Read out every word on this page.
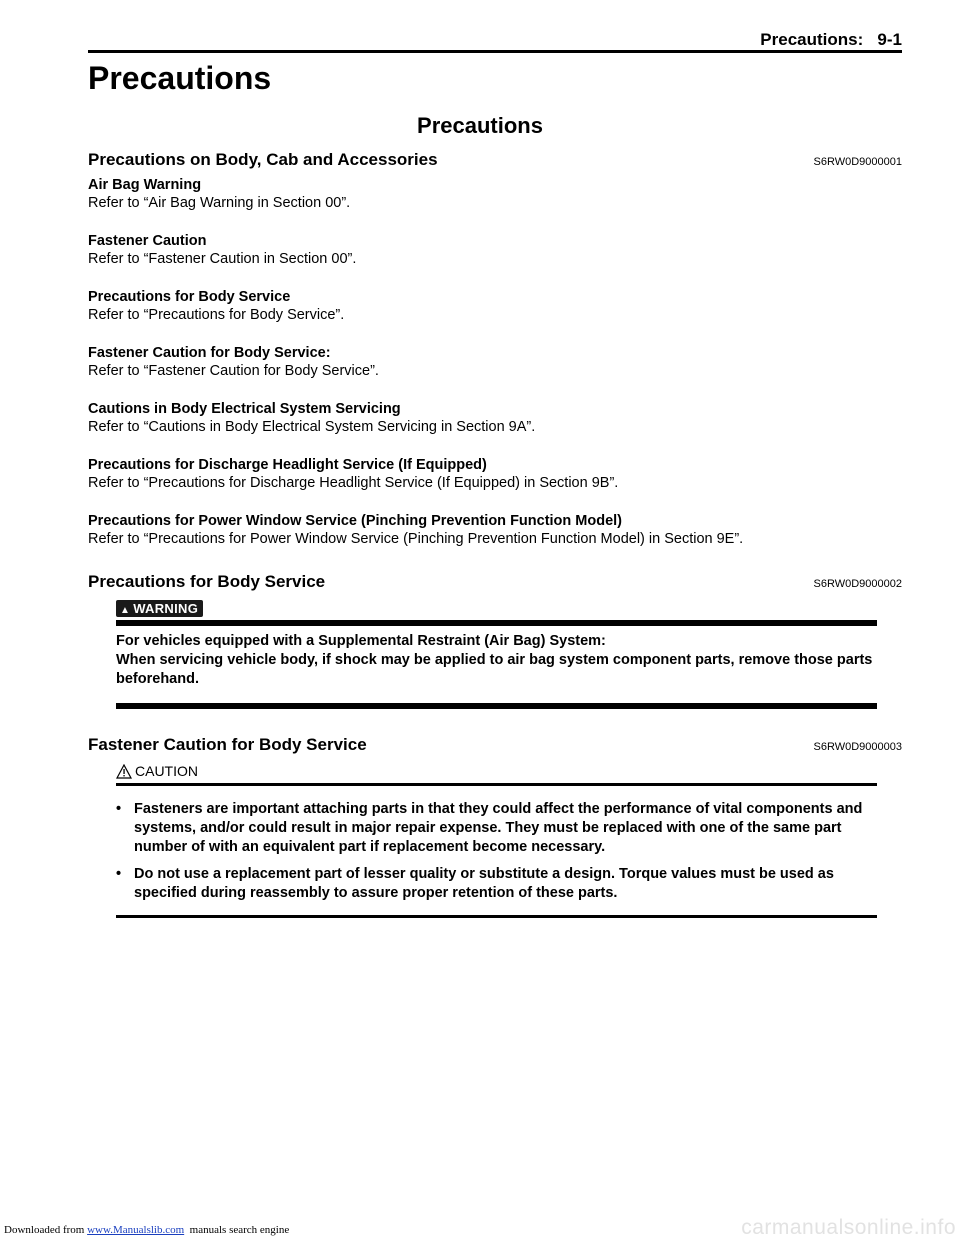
Precautions:   9-1
Precautions
Precautions
Precautions on Body, Cab and Accessories	S6RW0D9000001
Air Bag Warning
Refer to “Air Bag Warning in Section 00”.
Fastener Caution
Refer to “Fastener Caution in Section 00”.
Precautions for Body Service
Refer to “Precautions for Body Service”.
Fastener Caution for Body Service:
Refer to “Fastener Caution for Body Service”.
Cautions in Body Electrical System Servicing
Refer to “Cautions in Body Electrical System Servicing in Section 9A”.
Precautions for Discharge Headlight Service (If Equipped)
Refer to “Precautions for Discharge Headlight Service (If Equipped) in Section 9B”.
Precautions for Power Window Service (Pinching Prevention Function Model)
Refer to “Precautions for Power Window Service (Pinching Prevention Function Model) in Section 9E”.
Precautions for Body Service	S6RW0D9000002
▲ WARNING
For vehicles equipped with a Supplemental Restraint (Air Bag) System:
When servicing vehicle body, if shock may be applied to air bag system component parts, remove those parts beforehand.
Fastener Caution for Body Service	S6RW0D9000003
CAUTION
• Fasteners are important attaching parts in that they could affect the performance of vital components and systems, and/or could result in major repair expense. They must be replaced with one of the same part number of with an equivalent part if replacement become necessary.
• Do not use a replacement part of lesser quality or substitute a design. Torque values must be used as specified during reassembly to assure proper retention of these parts.
Downloaded from www.Manualslib.com  manuals search engine	carmanualsonline.info
